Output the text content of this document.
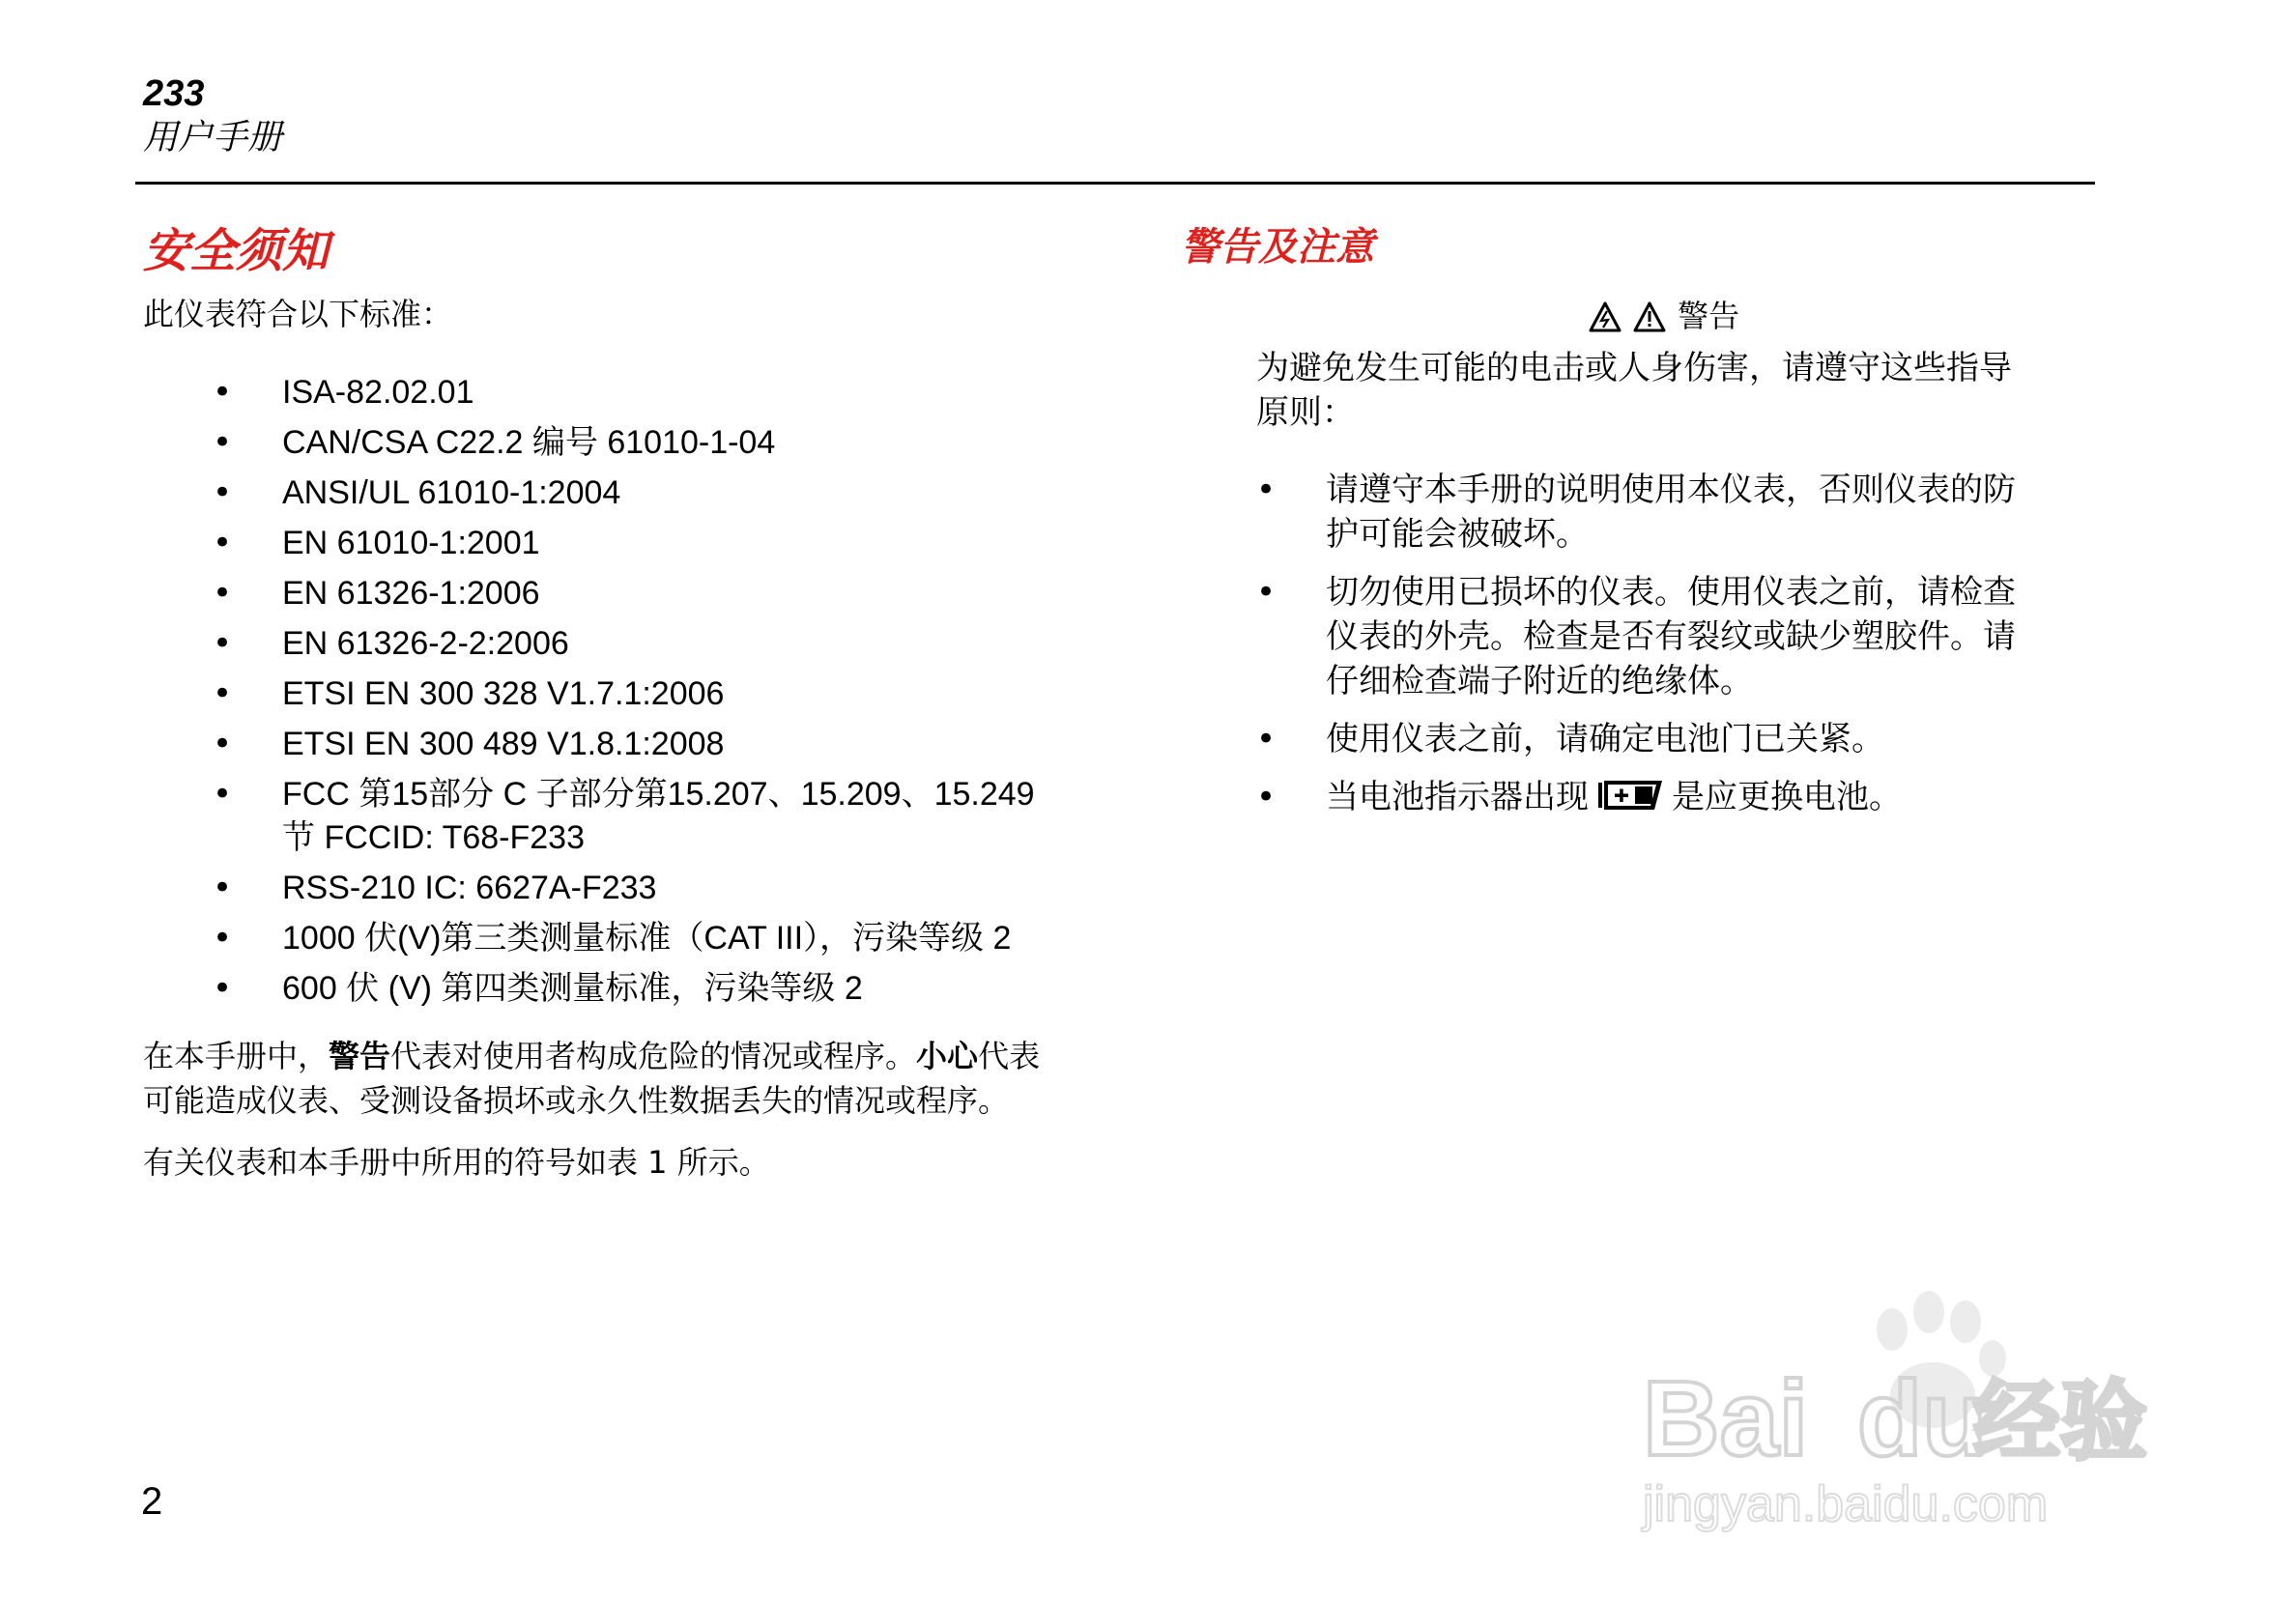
233
用户手册
安全须知

此仪表符合以下标准：

• ISA-82.02.01
• CAN/CSA C22.2 编号 61010-1-04
• ANSI/UL 61010-1:2004
• EN 61010-1:2001
• EN 61326-1:2006
• EN 61326-2-2:2006
• ETSI EN 300 328 V1.7.1:2006
• ETSI EN 300 489 V1.8.1:2008
• FCC 第15部分 C 子部分第15.207、15.209、15.249 节 FCCID: T68-F233
• RSS-210 IC: 6627A-F233
• 1000 伏(V)第三类测量标准（CAT III），污染等级 2
• 600 伏 (V) 第四类测量标准，污染等级 2

在本手册中，警告代表对使用者构成危险的情况或程序。小心代表可能造成仪表、受测设备损坏或永久性数据丢失的情况或程序。

有关仪表和本手册中所用的符号如表 1 所示。

警告及注意
警告

为避免发生可能的电击或人身伤害，请遵守这些指导原则：

• 请遵守本手册的说明使用本仪表，否则仪表的防护可能会被破坏。
• 切勿使用已损坏的仪表。使用仪表之前，请检查仪表的外壳。检查是否有裂纹或缺少塑胶件。请仔细检查端子附近的绝缘体。
• 使用仪表之前，请确定电池门已关紧。
• 当电池指示器出现	是应更换电池。
2
Bai du
经验
jingyan.baidu.com
